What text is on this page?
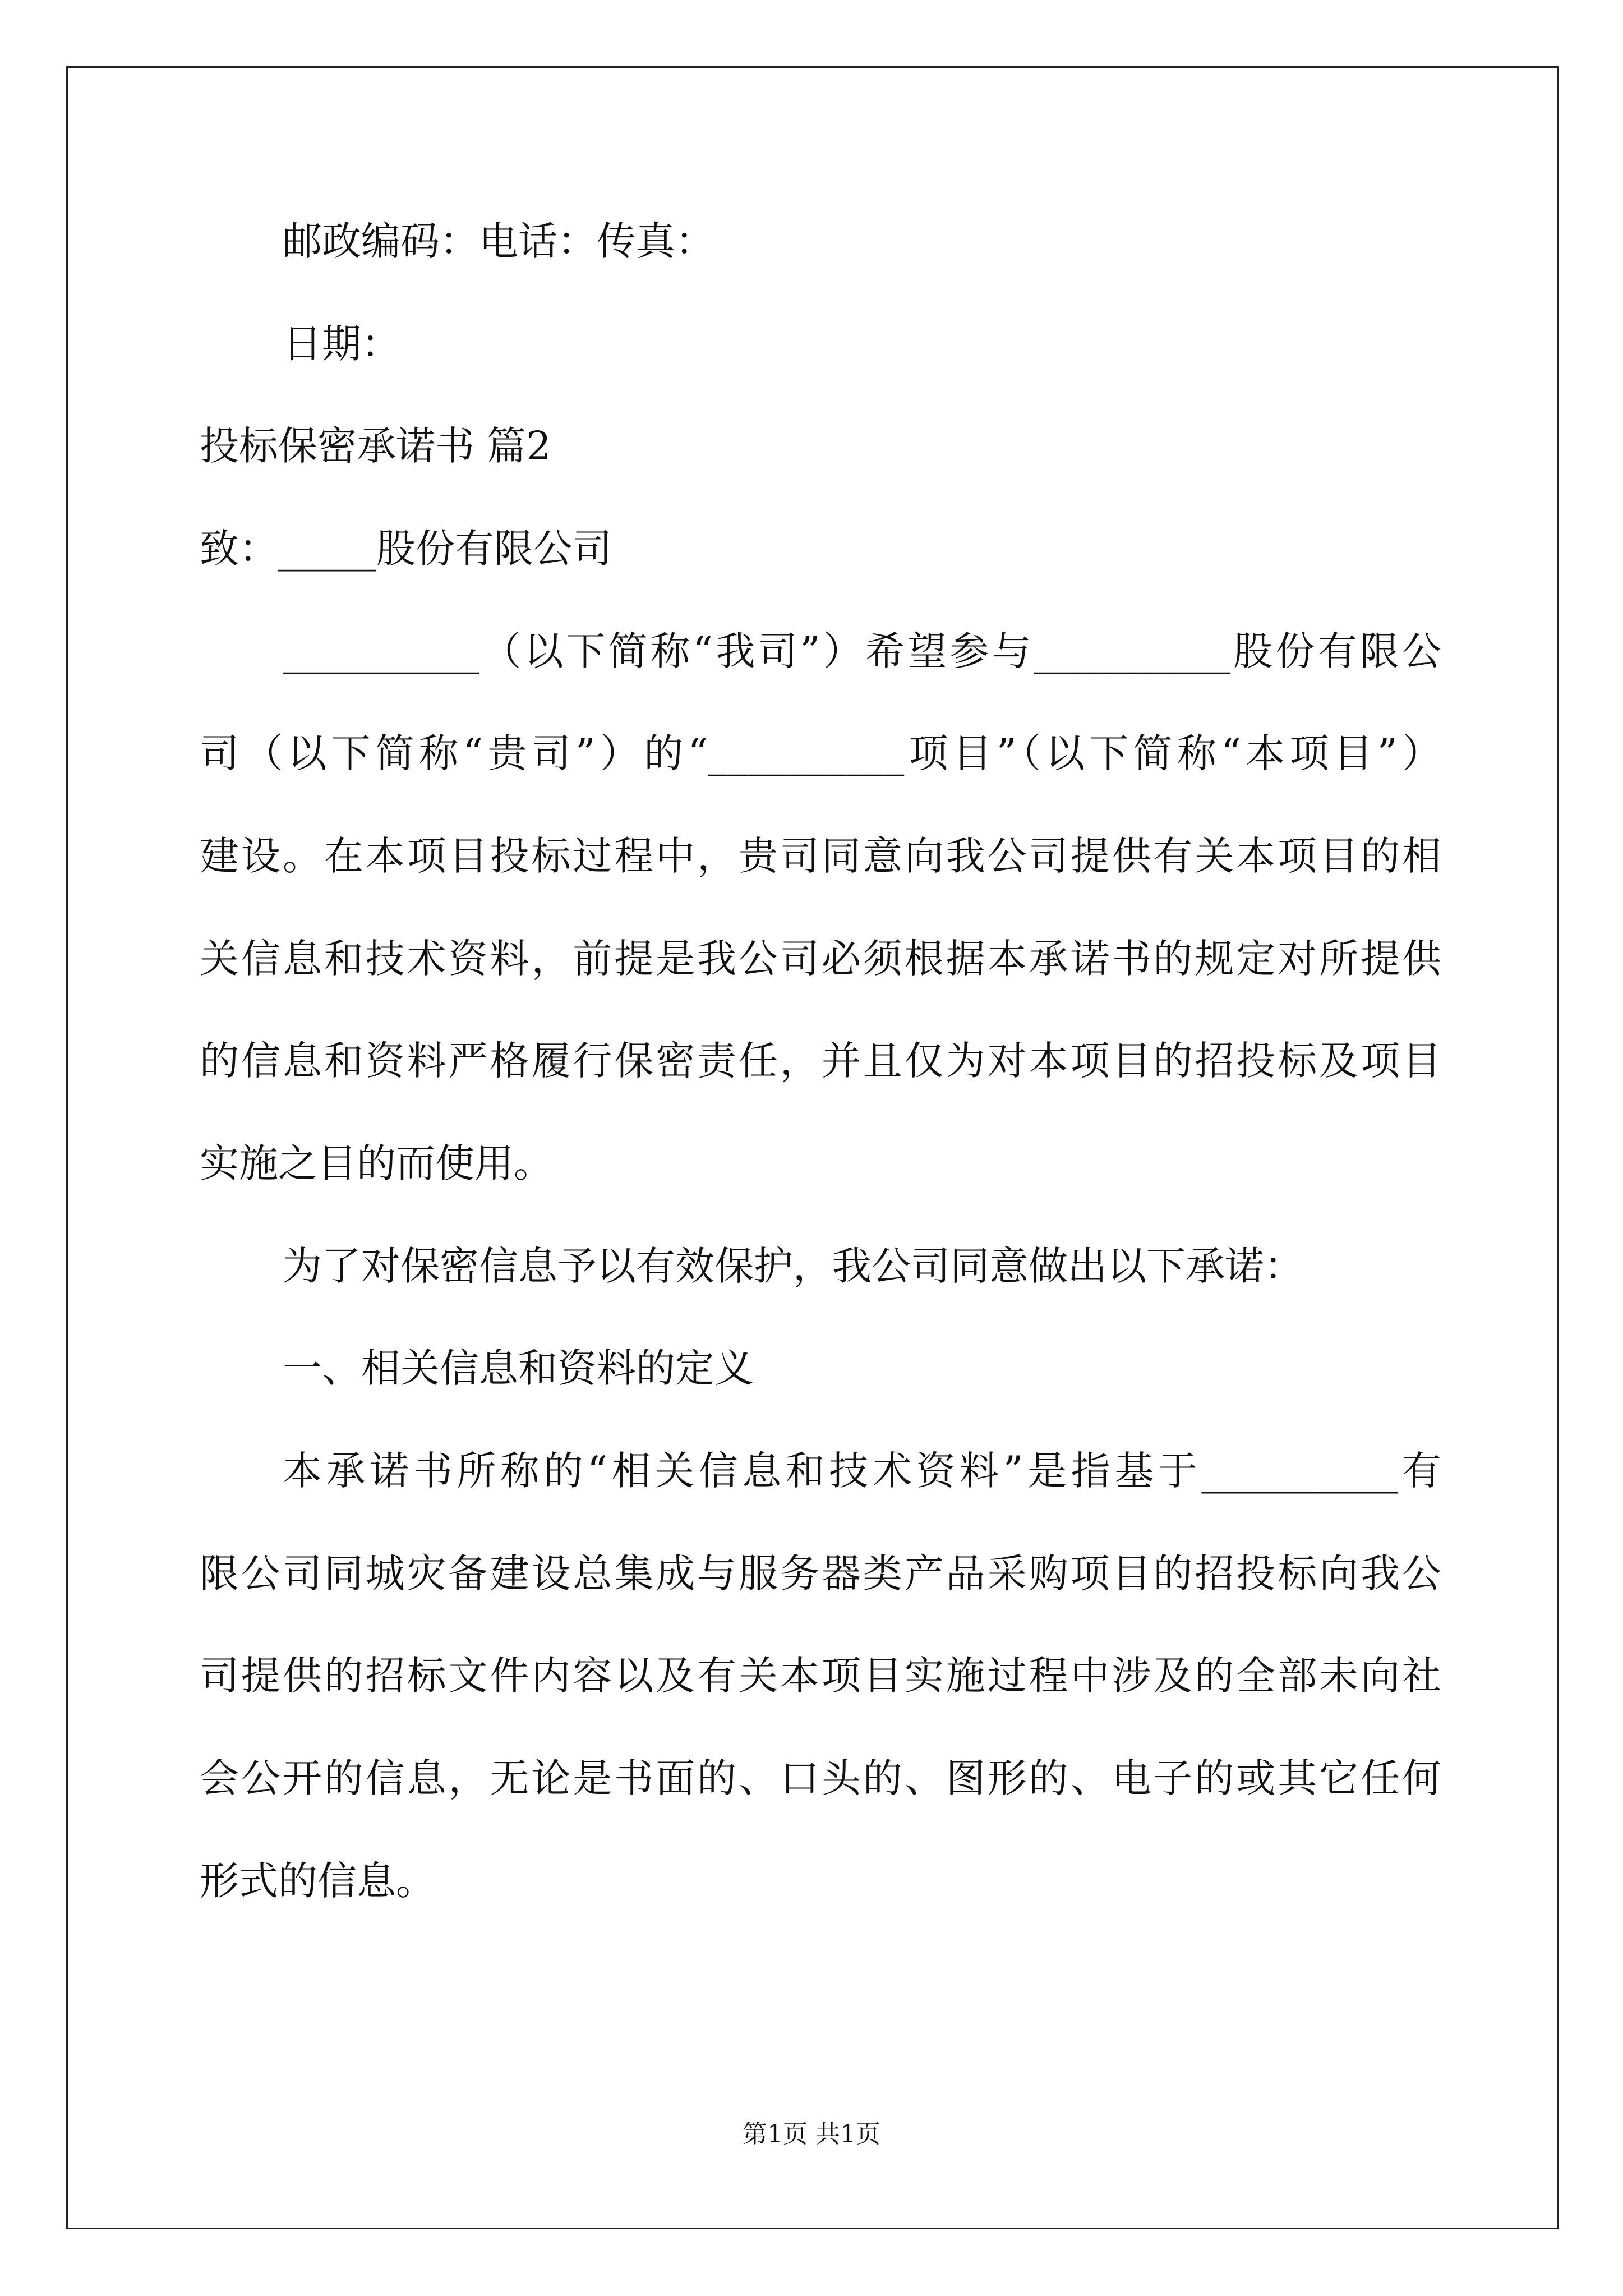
邮政编码：电话：传真：
日期：
投标保密承诺书 篇2
致：_____股份有限公司
__________（以下简称“我司”）希望参与__________股份有限公
司（以下简称“贵司”）的“__________项目”（以下简称“本项目”）
建设。在本项目投标过程中，贵司同意向我公司提供有关本项目的相
关信息和技术资料，前提是我公司必须根据本承诺书的规定对所提供
的信息和资料严格履行保密责任，并且仅为对本项目的招投标及项目
实施之目的而使用。
为了对保密信息予以有效保护，我公司同意做出以下承诺：
一、相关信息和资料的定义
本承诺书所称的“相关信息和技术资料”是指基于__________有
限公司同城灾备建设总集成与服务器类产品采购项目的招投标向我公
司提供的招标文件内容以及有关本项目实施过程中涉及的全部未向社
会公开的信息，无论是书面的、口头的、图形的、电子的或其它任何
形式的信息。
第1页 共1页
